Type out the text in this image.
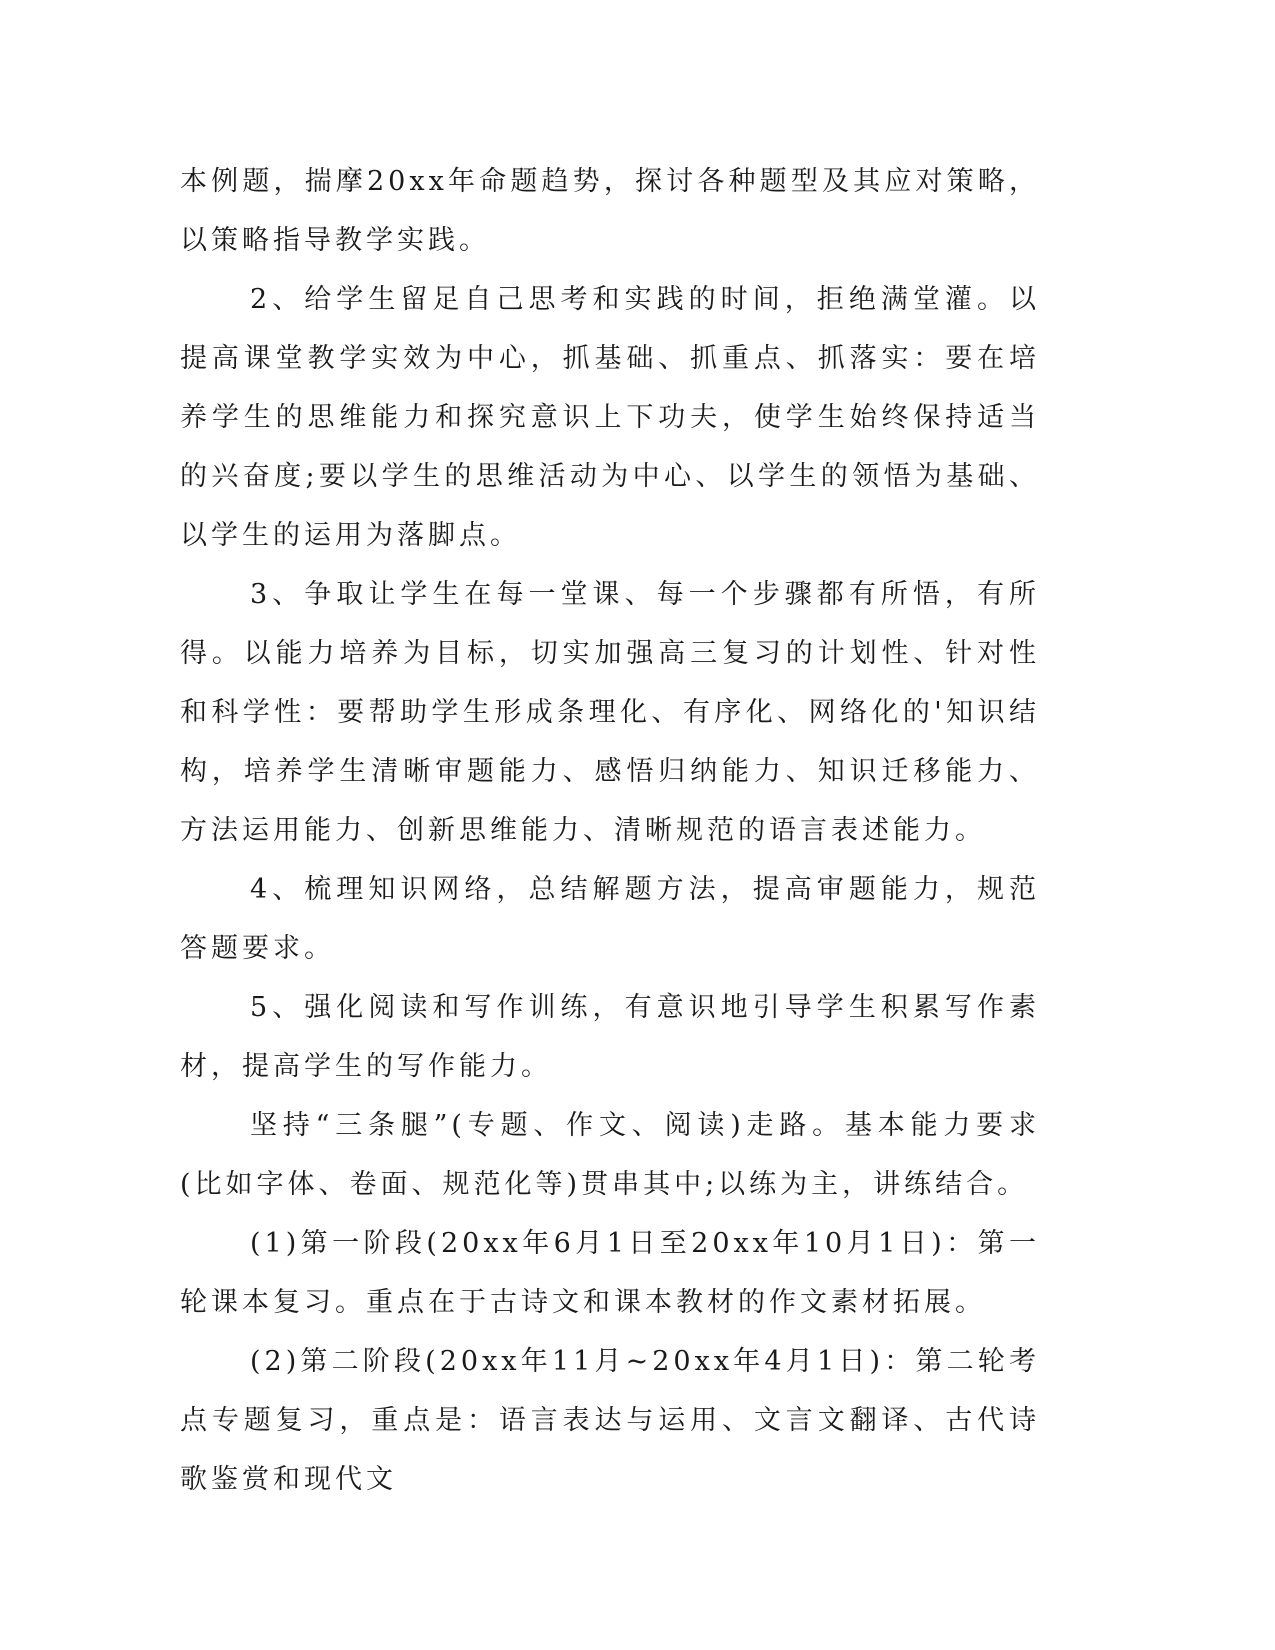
本例题，揣摩20xx年命题趋势，探讨各种题型及其应对策略，以策略指导教学实践。

2、给学生留足自己思考和实践的时间，拒绝满堂灌。以提高课堂教学实效为中心，抓基础、抓重点、抓落实：要在培养学生的思维能力和探究意识上下功夫，使学生始终保持适当的兴奋度;要以学生的思维活动为中心、以学生的领悟为基础、以学生的运用为落脚点。

3、争取让学生在每一堂课、每一个步骤都有所悟，有所得。以能力培养为目标，切实加强高三复习的计划性、针对性和科学性：要帮助学生形成条理化、有序化、网络化的'知识结构，培养学生清晰审题能力、感悟归纳能力、知识迁移能力、方法运用能力、创新思维能力、清晰规范的语言表述能力。

4、梳理知识网络，总结解题方法，提高审题能力，规范答题要求。

5、强化阅读和写作训练，有意识地引导学生积累写作素材，提高学生的写作能力。

坚持“三条腿”(专题、作文、阅读)走路。基本能力要求(比如字体、卷面、规范化等)贯串其中;以练为主，讲练结合。

(1)第一阶段(20xx年6月1日至20xx年10月1日)：第一轮课本复习。重点在于古诗文和课本教材的作文素材拓展。

(2)第二阶段(20xx年11月~20xx年4月1日)：第二轮考点专题复习，重点是：语言表达与运用、文言文翻译、古代诗歌鉴赏和现代文
